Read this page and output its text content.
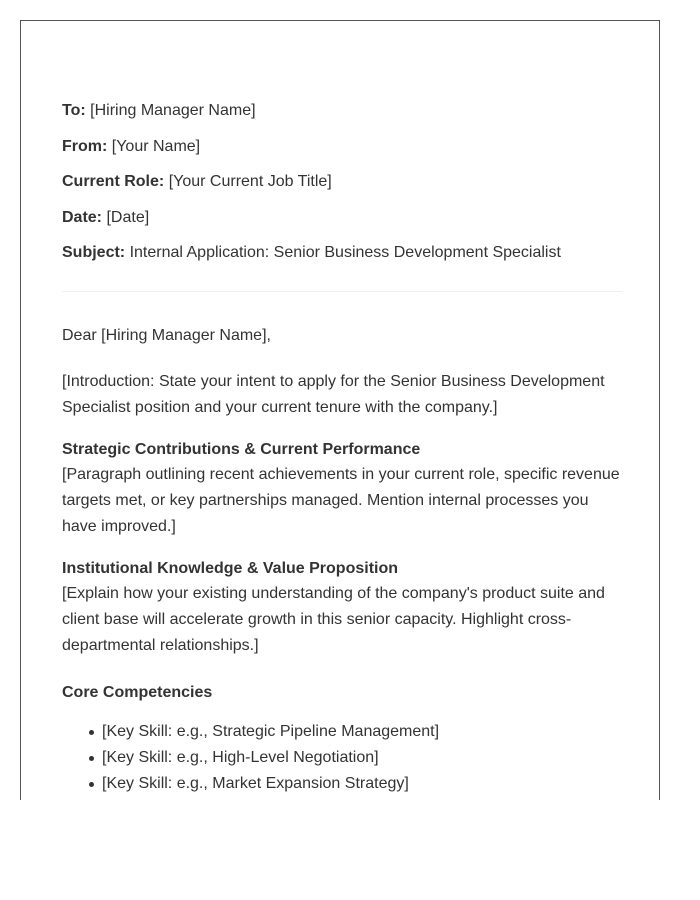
To: [Hiring Manager Name]
From: [Your Name]
Current Role: [Your Current Job Title]
Date: [Date]
Subject: Internal Application: Senior Business Development Specialist

Dear [Hiring Manager Name],

[Introduction: State your intent to apply for the Senior Business Development Specialist position and your current tenure with the company.]

Strategic Contributions & Current Performance

[Paragraph outlining recent achievements in your current role, specific revenue targets met, or key partnerships managed. Mention internal processes you have improved.]

Institutional Knowledge & Value Proposition

[Explain how your existing understanding of the company's product suite and client base will accelerate growth in this senior capacity. Highlight cross-departmental relationships.]

Core Competencies

[Key Skill: e.g., Strategic Pipeline Management]
[Key Skill: e.g., High-Level Negotiation]
[Key Skill: e.g., Market Expansion Strategy]
